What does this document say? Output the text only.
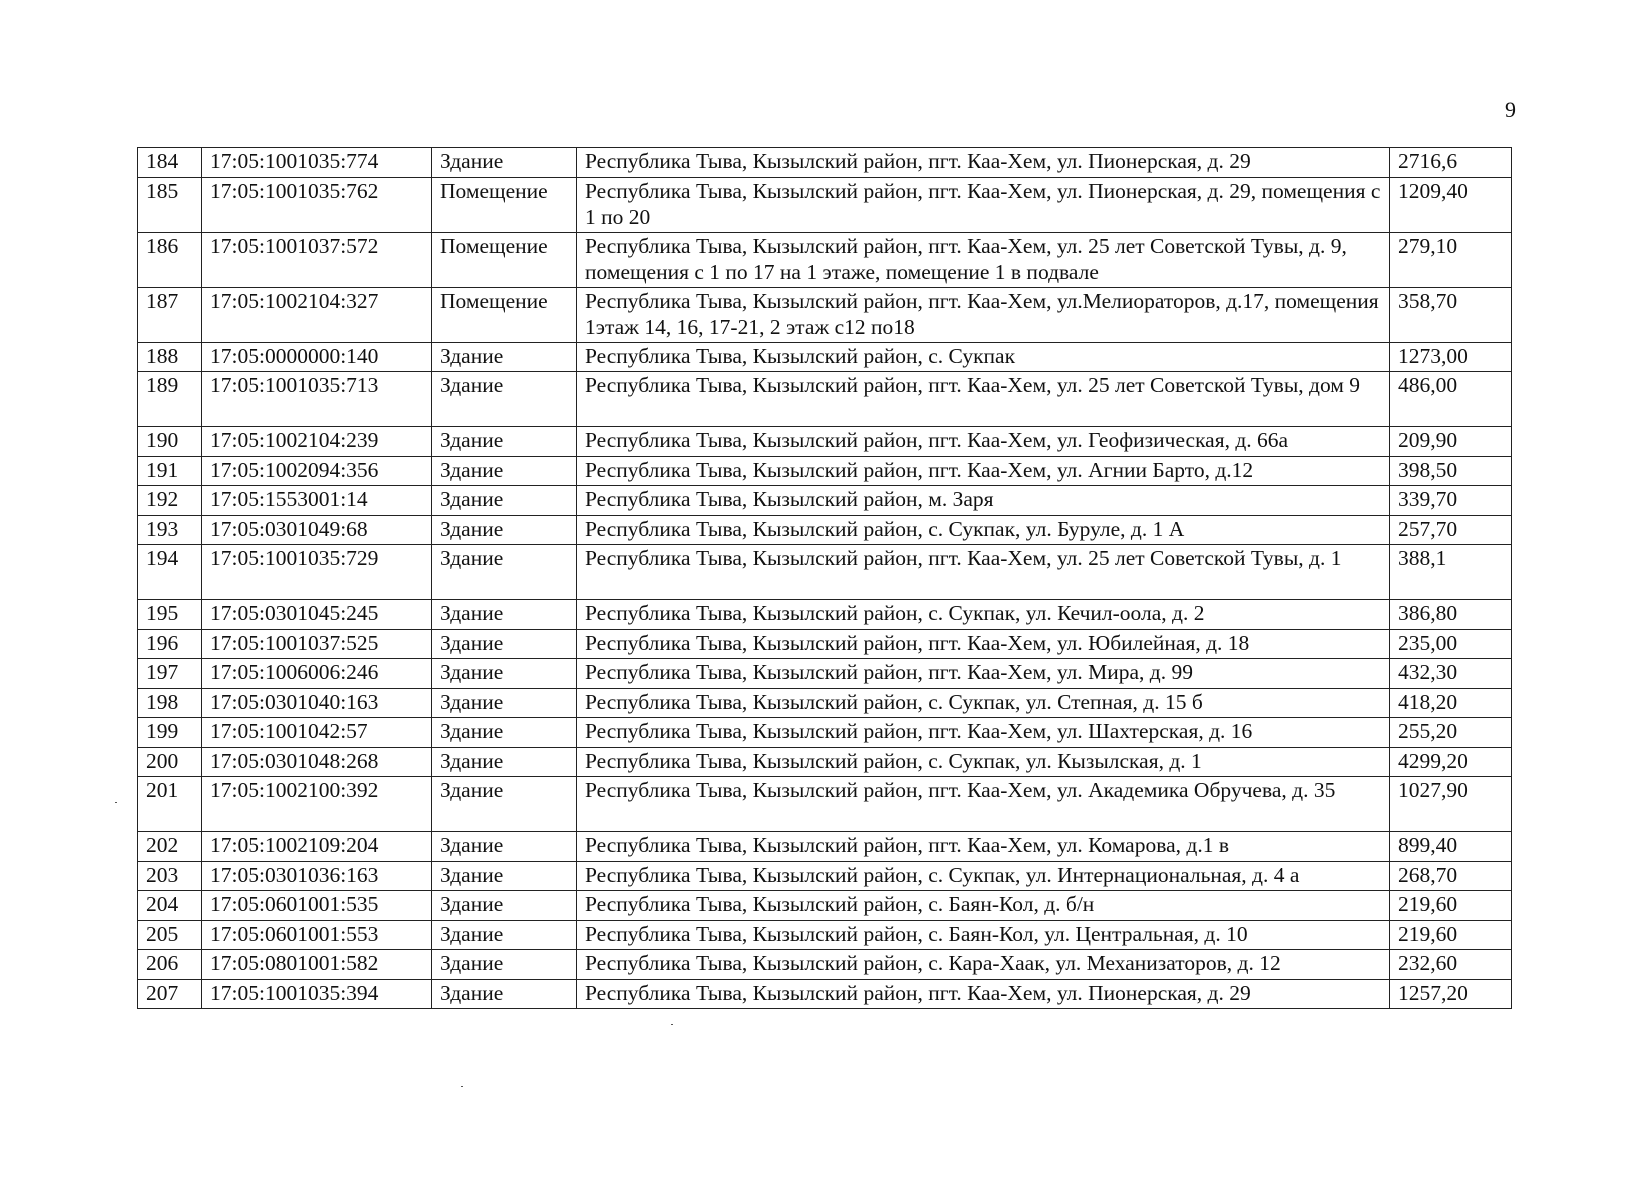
9
184	17:05:1001035:774	Здание	Республика Тыва, Кызылский район, пгт. Каа-Хем, ул. Пионерская, д. 29	2716,6
185	17:05:1001035:762	Помещение	Республика Тыва, Кызылский район, пгт. Каа-Хем, ул. Пионерская, д. 29, помещения с 1 по 20	1209,40
186	17:05:1001037:572	Помещение	Республика Тыва, Кызылский район, пгт. Каа-Хем, ул. 25 лет Советской Тувы, д. 9, помещения с 1 по 17 на 1 этаже, помещение 1 в подвале	279,10
187	17:05:1002104:327	Помещение	Республика Тыва, Кызылский район, пгт. Каа-Хем, ул.Мелиораторов, д.17, помещения 1этаж 14, 16, 17-21, 2 этаж с12 по18	358,70
188	17:05:0000000:140	Здание	Республика Тыва, Кызылский район, с. Сукпак	1273,00
189	17:05:1001035:713	Здание	Республика Тыва, Кызылский район, пгт. Каа-Хем, ул. 25 лет Советской Тувы, дом 9	486,00
190	17:05:1002104:239	Здание	Республика Тыва, Кызылский район, пгт. Каа-Хем, ул. Геофизическая, д. 66а	209,90
191	17:05:1002094:356	Здание	Республика Тыва, Кызылский район, пгт. Каа-Хем, ул. Агнии Барто, д.12	398,50
192	17:05:1553001:14	Здание	Республика Тыва, Кызылский район, м. Заря	339,70
193	17:05:0301049:68	Здание	Республика Тыва, Кызылский район, с. Сукпак, ул. Буруле, д. 1 А	257,70
194	17:05:1001035:729	Здание	Республика Тыва, Кызылский район, пгт. Каа-Хем, ул. 25 лет Советской Тувы, д. 1	388,1
195	17:05:0301045:245	Здание	Республика Тыва, Кызылский район, с. Сукпак, ул. Кечил-оола, д. 2	386,80
196	17:05:1001037:525	Здание	Республика Тыва, Кызылский район, пгт. Каа-Хем, ул. Юбилейная, д. 18	235,00
197	17:05:1006006:246	Здание	Республика Тыва, Кызылский район, пгт. Каа-Хем, ул. Мира, д. 99	432,30
198	17:05:0301040:163	Здание	Республика Тыва, Кызылский район, с. Сукпак, ул. Степная, д. 15 б	418,20
199	17:05:1001042:57	Здание	Республика Тыва, Кызылский район, пгт. Каа-Хем, ул. Шахтерская, д. 16	255,20
200	17:05:0301048:268	Здание	Республика Тыва, Кызылский район, с. Сукпак, ул. Кызылская, д. 1	4299,20
201	17:05:1002100:392	Здание	Республика Тыва, Кызылский район, пгт. Каа-Хем, ул. Академика Обручева, д. 35	1027,90
202	17:05:1002109:204	Здание	Республика Тыва, Кызылский район, пгт. Каа-Хем, ул. Комарова, д.1 в	899,40
203	17:05:0301036:163	Здание	Республика Тыва, Кызылский район, с. Сукпак, ул. Интернациональная, д. 4 а	268,70
204	17:05:0601001:535	Здание	Республика Тыва, Кызылский район, с. Баян-Кол, д. б/н	219,60
205	17:05:0601001:553	Здание	Республика Тыва, Кызылский район, с. Баян-Кол, ул. Центральная, д. 10	219,60
206	17:05:0801001:582	Здание	Республика Тыва, Кызылский район, с. Кара-Хаак, ул. Механизаторов, д. 12	232,60
207	17:05:1001035:394	Здание	Республика Тыва, Кызылский район, пгт. Каа-Хем, ул. Пионерская, д. 29	1257,20
